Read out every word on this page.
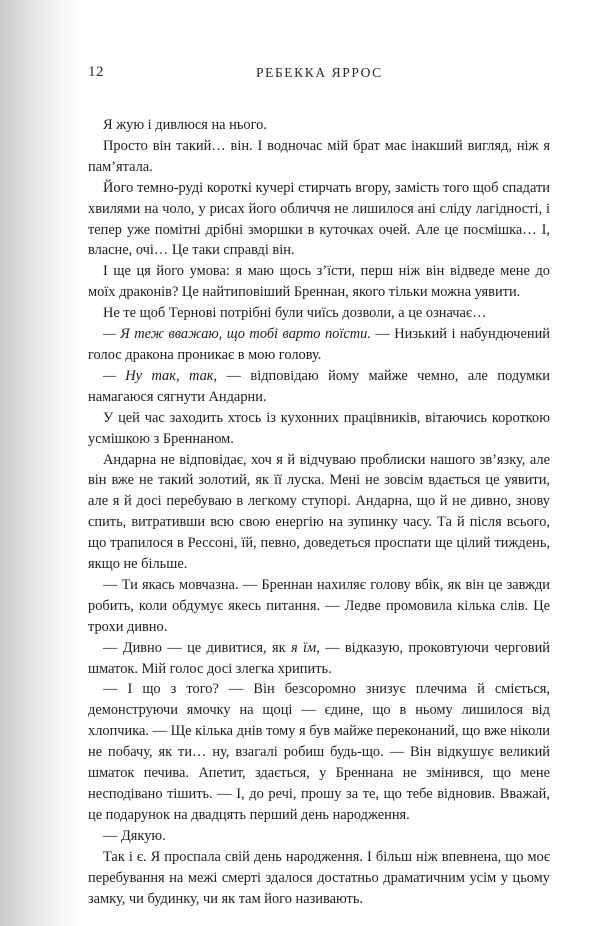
12	РЕБЕККА ЯРРОС

Я жую і дивлюся на нього.

Просто він такий… він. І водночас мій брат має інакший вигляд, ніж я пам’ятала.

Його темно-руді короткі кучері стирчать вгору, замість того щоб спадати хвилями на чоло, у рисах його обличчя не лишилося ані сліду лагідності, і тепер уже помітні дрібні зморшки в куточках очей. Але це посмішка… І, власне, очі… Це таки справді він.

І ще ця його умова: я маю щось з’їсти, перш ніж він відведе мене до моїх драконів? Це найтиповіший Бреннан, якого тільки можна уявити.

Не те щоб Тернові потрібні були чиїсь дозволи, а це означає…

— Я теж вважаю, що тобі варто поїсти. — Низький і набундючений голос дракона проникає в мою голову.

— Ну так, так, — відповідаю йому майже чемно, але подумки намагаюся сягнути Андарни.

У цей час заходить хтось із кухонних працівників, вітаючись короткою усмішкою з Бреннаном.

Андарна не відповідає, хоч я й відчуваю проблиски нашого зв’язку, але він вже не такий золотий, як її луска. Мені не зовсім вдається це уявити, але я й досі перебуваю в легкому ступорі. Андарна, що й не дивно, знову спить, витративши всю свою енергію на зупинку часу. Та й після всього, що трапилося в Рессоні, їй, певно, доведеться проспати ще цілий тиждень, якщо не більше.

— Ти якась мовчазна. — Бреннан нахиляє голову вбік, як він це завжди робить, коли обдумує якесь питання. — Ледве промовила кілька слів. Це трохи дивно.

— Дивно — це дивитися, як я їм, — відказую, проковтуючи черговий шматок. Мій голос досі злегка хрипить.

— І що з того? — Він безсоромно знизує плечима й сміється, демонструючи ямочку на щоці — єдине, що в ньому лишилося від хлопчика. — Ще кілька днів тому я був майже переконаний, що вже ніколи не побачу, як ти… ну, взагалі робиш будь-що. — Він відкушує великий шматок печива. Апетит, здається, у Бреннана не змінився, що мене несподівано тішить. — І, до речі, прошу за те, що тебе відновив. Вважай, це подарунок на двадцять перший день народження.

— Дякую.

Так і є. Я проспала свій день народження. І більш ніж впевнена, що моє перебування на межі смерті здалося достатньо драматичним усім у цьому замку, чи будинку, чи як там його називають.
